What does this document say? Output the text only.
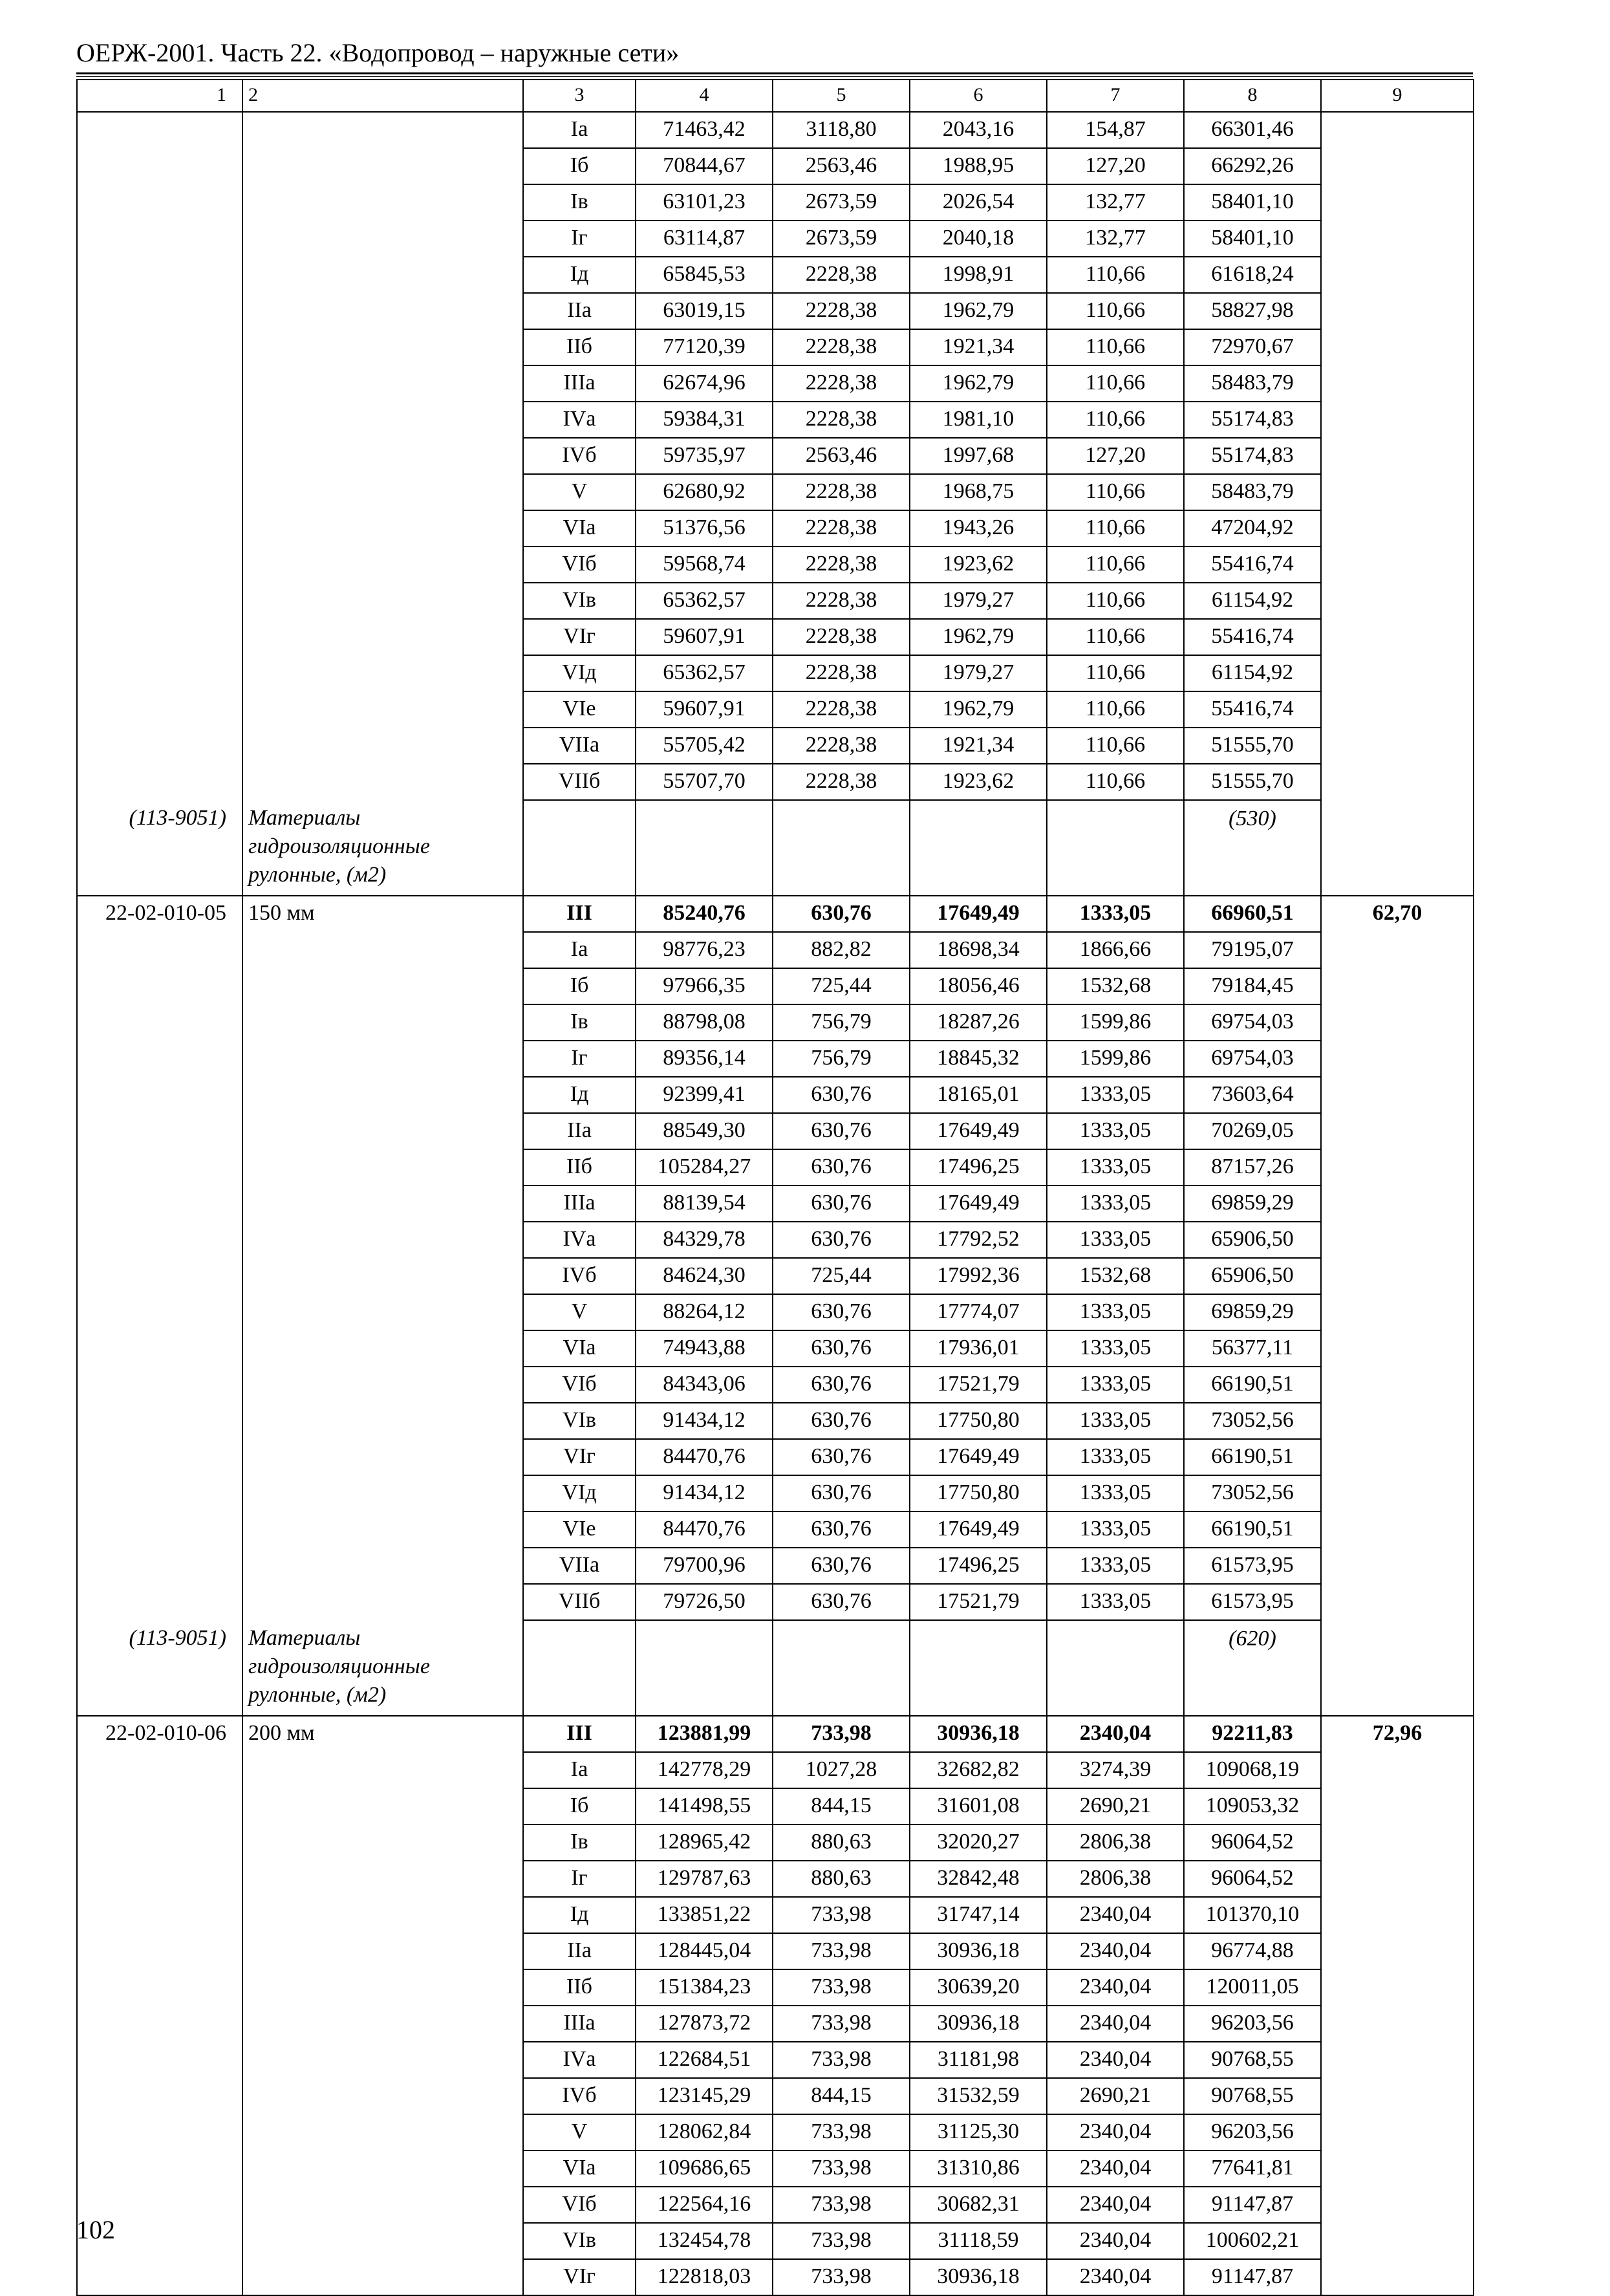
ОЕРЖ-2001. Часть 22. «Водопровод – наружные сети»
1	2	3	4	5	6	7	8	9
		Iа	71463,42	3118,80	2043,16	154,87	66301,46	
		Iб	70844,67	2563,46	1988,95	127,20	66292,26	
		Iв	63101,23	2673,59	2026,54	132,77	58401,10	
		Iг	63114,87	2673,59	2040,18	132,77	58401,10	
		Iд	65845,53	2228,38	1998,91	110,66	61618,24	
		IIа	63019,15	2228,38	1962,79	110,66	58827,98	
		IIб	77120,39	2228,38	1921,34	110,66	72970,67	
		IIIа	62674,96	2228,38	1962,79	110,66	58483,79	
		IVа	59384,31	2228,38	1981,10	110,66	55174,83	
		IVб	59735,97	2563,46	1997,68	127,20	55174,83	
		V	62680,92	2228,38	1968,75	110,66	58483,79	
		VIа	51376,56	2228,38	1943,26	110,66	47204,92	
		VIб	59568,74	2228,38	1923,62	110,66	55416,74	
		VIв	65362,57	2228,38	1979,27	110,66	61154,92	
		VIг	59607,91	2228,38	1962,79	110,66	55416,74	
		VIд	65362,57	2228,38	1979,27	110,66	61154,92	
		VIе	59607,91	2228,38	1962,79	110,66	55416,74	
		VIIа	55705,42	2228,38	1921,34	110,66	51555,70	
		VIIб	55707,70	2228,38	1923,62	110,66	51555,70	
(113-9051)	Материалы гидроизоляционные рулонные, (м2)						(530)	
22-02-010-05	150 мм	III	85240,76	630,76	17649,49	1333,05	66960,51	62,70
		Iа	98776,23	882,82	18698,34	1866,66	79195,07	
		Iб	97966,35	725,44	18056,46	1532,68	79184,45	
		Iв	88798,08	756,79	18287,26	1599,86	69754,03	
		Iг	89356,14	756,79	18845,32	1599,86	69754,03	
		Iд	92399,41	630,76	18165,01	1333,05	73603,64	
		IIа	88549,30	630,76	17649,49	1333,05	70269,05	
		IIб	105284,27	630,76	17496,25	1333,05	87157,26	
		IIIа	88139,54	630,76	17649,49	1333,05	69859,29	
		IVа	84329,78	630,76	17792,52	1333,05	65906,50	
		IVб	84624,30	725,44	17992,36	1532,68	65906,50	
		V	88264,12	630,76	17774,07	1333,05	69859,29	
		VIа	74943,88	630,76	17936,01	1333,05	56377,11	
		VIб	84343,06	630,76	17521,79	1333,05	66190,51	
		VIв	91434,12	630,76	17750,80	1333,05	73052,56	
		VIг	84470,76	630,76	17649,49	1333,05	66190,51	
		VIд	91434,12	630,76	17750,80	1333,05	73052,56	
		VIе	84470,76	630,76	17649,49	1333,05	66190,51	
		VIIа	79700,96	630,76	17496,25	1333,05	61573,95	
		VIIб	79726,50	630,76	17521,79	1333,05	61573,95	
(113-9051)	Материалы гидроизоляционные рулонные, (м2)						(620)	
22-02-010-06	200 мм	III	123881,99	733,98	30936,18	2340,04	92211,83	72,96
		Iа	142778,29	1027,28	32682,82	3274,39	109068,19	
		Iб	141498,55	844,15	31601,08	2690,21	109053,32	
		Iв	128965,42	880,63	32020,27	2806,38	96064,52	
		Iг	129787,63	880,63	32842,48	2806,38	96064,52	
		Iд	133851,22	733,98	31747,14	2340,04	101370,10	
		IIа	128445,04	733,98	30936,18	2340,04	96774,88	
		IIб	151384,23	733,98	30639,20	2340,04	120011,05	
		IIIа	127873,72	733,98	30936,18	2340,04	96203,56	
		IVа	122684,51	733,98	31181,98	2340,04	90768,55	
		IVб	123145,29	844,15	31532,59	2690,21	90768,55	
		V	128062,84	733,98	31125,30	2340,04	96203,56	
		VIа	109686,65	733,98	31310,86	2340,04	77641,81	
		VIб	122564,16	733,98	30682,31	2340,04	91147,87	
		VIв	132454,78	733,98	31118,59	2340,04	100602,21	
		VIг	122818,03	733,98	30936,18	2340,04	91147,87	
102
